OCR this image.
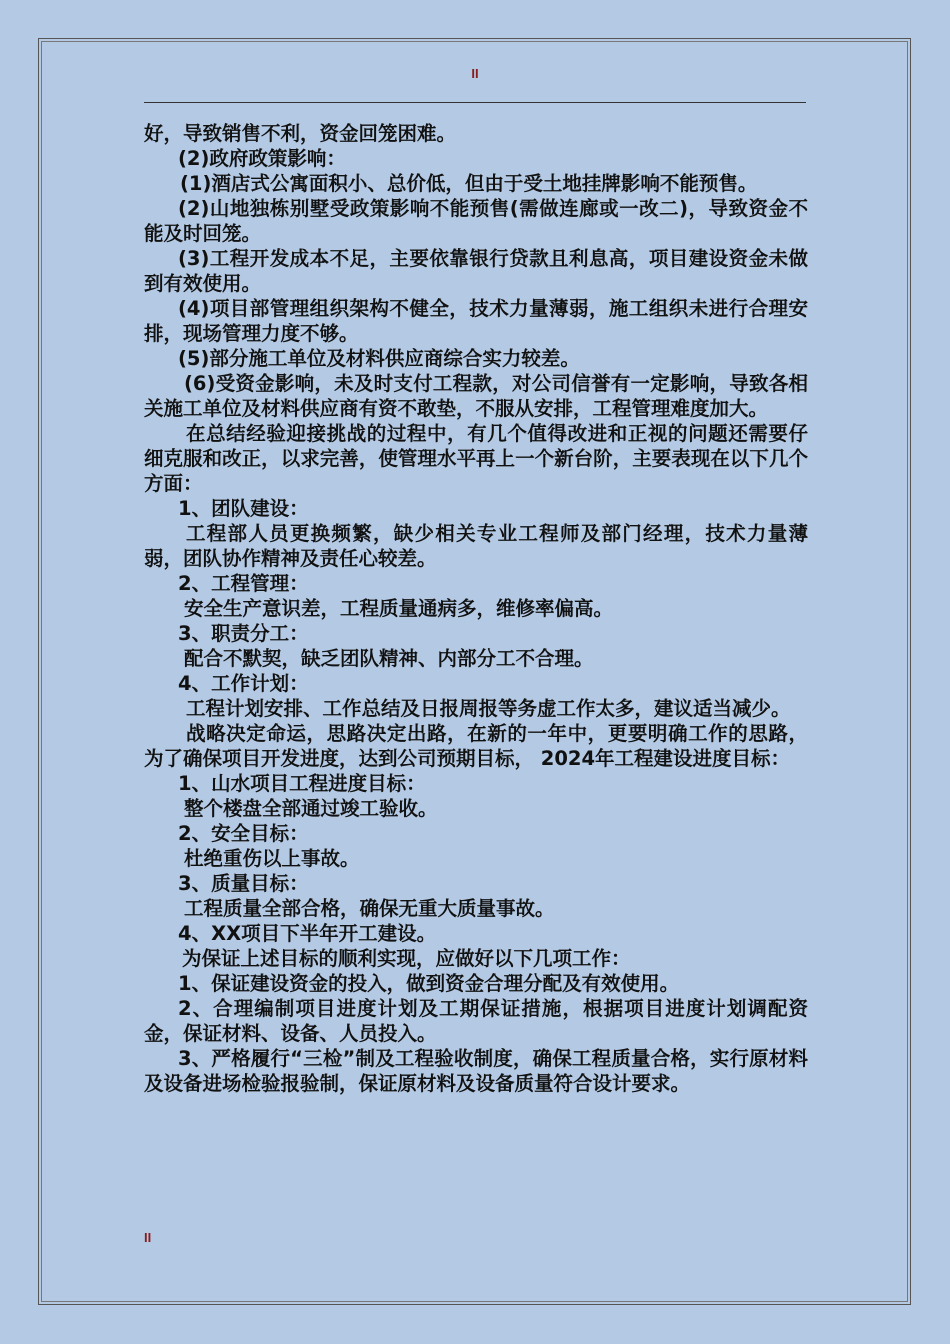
II

好，导致销售不利，资金回笼困难。

(2)政府政策影响：

(1)酒店式公寓面积小、总价低，但由于受土地挂牌影响不能预售。

(2)山地独栋别墅受政策影响不能预售(需做连廊或一改二)，导致资金不能及时回笼。

(3)工程开发成本不足，主要依靠银行贷款且利息高，项目建设资金未做到有效使用。

(4)项目部管理组织架构不健全，技术力量薄弱，施工组织未进行合理安排，现场管理力度不够。

(5)部分施工单位及材料供应商综合实力较差。

(6)受资金影响，未及时支付工程款，对公司信誉有一定影响，导致各相关施工单位及材料供应商有资不敢垫，不服从安排，工程管理难度加大。

在总结经验迎接挑战的过程中，有几个值得改进和正视的问题还需要仔细克服和改正，以求完善，使管理水平再上一个新台阶，主要表现在以下几个方面：

1、团队建设：

工程部人员更换频繁，缺少相关专业工程师及部门经理，技术力量薄弱，团队协作精神及责任心较差。

2、工程管理：

安全生产意识差，工程质量通病多，维修率偏高。

3、职责分工：

配合不默契，缺乏团队精神、内部分工不合理。

4、工作计划：

工程计划安排、工作总结及日报周报等务虚工作太多，建议适当减少。

战略决定命运，思路决定出路，在新的一年中，更要明确工作的思路，为了确保项目开发进度，达到公司预期目标， 2024年工程建设进度目标：

1、山水项目工程进度目标：

整个楼盘全部通过竣工验收。

2、安全目标：

杜绝重伤以上事故。

3、质量目标：

工程质量全部合格，确保无重大质量事故。

4、XX项目下半年开工建设。

为保证上述目标的顺利实现，应做好以下几项工作：

1、保证建设资金的投入，做到资金合理分配及有效使用。

2、合理编制项目进度计划及工期保证措施，根据项目进度计划调配资金，保证材料、设备、人员投入。

3、严格履行“三检”制及工程验收制度，确保工程质量合格，实行原材料及设备进场检验报验制，保证原材料及设备质量符合设计要求。

II
